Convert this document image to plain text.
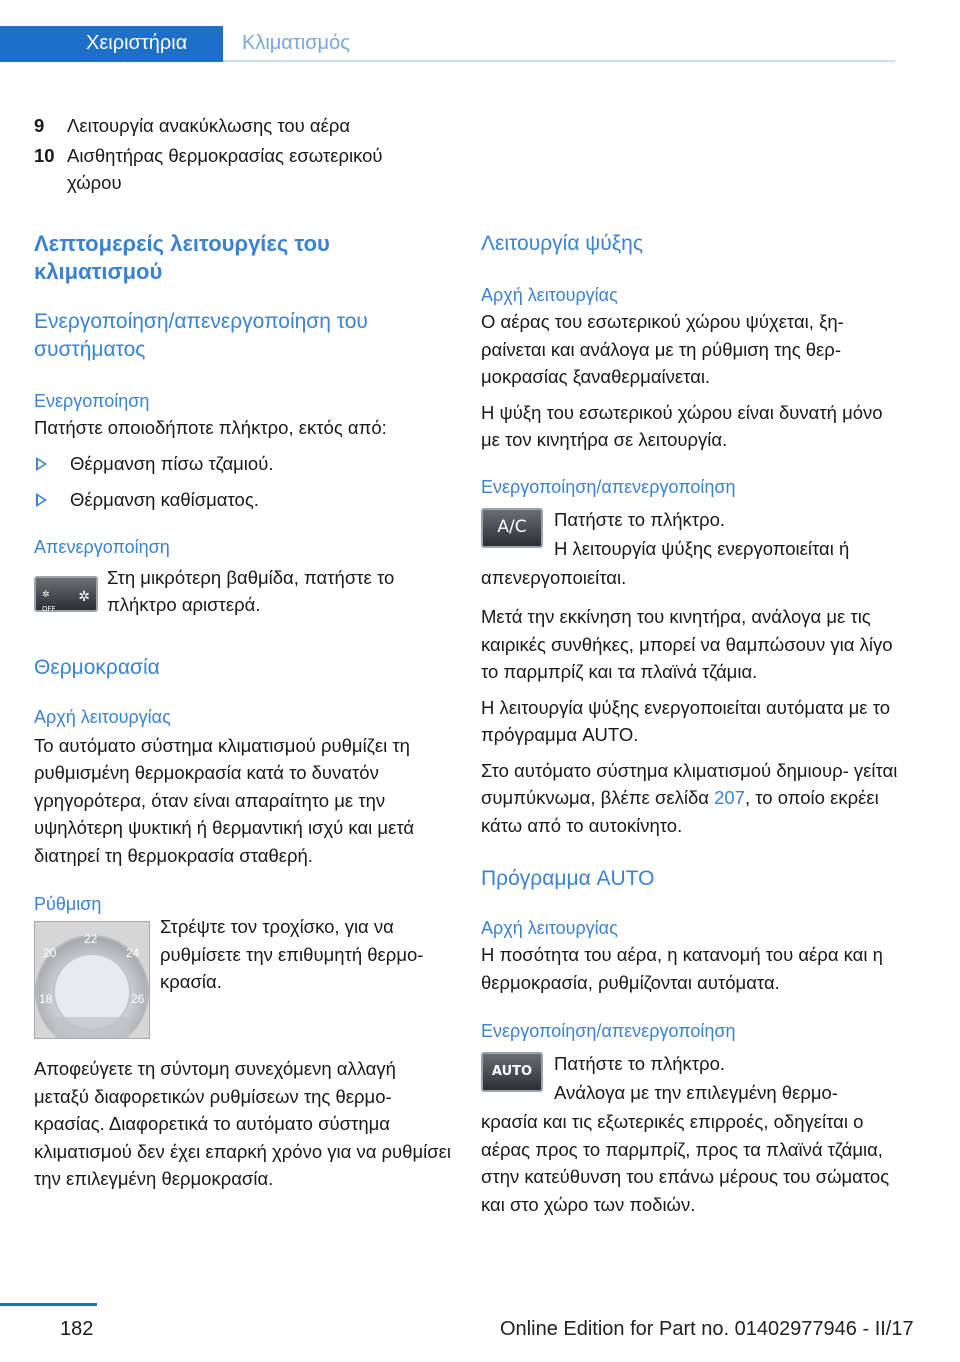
Χειριστήρια	Κλιματισμός
9 Λειτουργία ανακύκλωσης του αέρα
10 Αισθητήρας θερμοκρασίας εσωτερικού
χώρου
Λεπτομερείς λειτουργίες του
κλιματισμού
Ενεργοποίηση/απενεργοποίηση του
συστήματος
Ενεργοποίηση

Πατήστε οποιοδήποτε πλήκτρο, εκτός από:

Θέρμανση πίσω τζαμιού.
Θέρμανση καθίσματος.
Απενεργοποίηση
✲
OFF
✲
Στη μικρότερη βαθμίδα, πατήστε το
πλήκτρο αριστερά.
Θερμοκρασία
Αρχή λειτουργίας

Το αυτόματο σύστημα κλιματισμού ρυθμίζει τη ρυθμισμένη θερμοκρασία κατά το δυνατόν γρηγορότερα, όταν είναι απαραίτητο με την υψηλότερη ψυκτική ή θερμαντική ισχύ και μετά διατηρεί τη θερμοκρασία σταθερή.

Ρύθμιση
18
20
22
24
26
Στρέψτε τον τροχίσκο, για να
ρυθμίσετε την επιθυμητή θερμο-
κρασία.

Αποφεύγετε τη σύντομη συνεχόμενη αλλαγή μεταξύ διαφορετικών ρυθμίσεων της θερμο- κρασίας. Διαφορετικά το αυτόματο σύστημα κλιματισμού δεν έχει επαρκή χρόνο για να ρυθμίσει την επιλεγμένη θερμοκρασία.

Λειτουργία ψύξης
Αρχή λειτουργίας

Ο αέρας του εσωτερικού χώρου ψύχεται, ξη- ραίνεται και ανάλογα με τη ρύθμιση της θερ- μοκρασίας ξαναθερμαίνεται.

Η ψύξη του εσωτερικού χώρου είναι δυνατή μόνο με τον κινητήρα σε λειτουργία.

Ενεργοποίηση/απενεργοποίηση
A/C Πατήστε το πλήκτρο.
Η λειτουργία ψύξης ενεργοποιείται ή
απενεργοποιείται.

Μετά την εκκίνηση του κινητήρα, ανάλογα με τις καιρικές συνθήκες, μπορεί να θαμπώσουν για λίγο το παρμπρίζ και τα πλαϊνά τζάμια.

Η λειτουργία ψύξης ενεργοποιείται αυτόματα με το πρόγραμμα AUTO.

Στο αυτόματο σύστημα κλιματισμού δημιουρ- γείται συμπύκνωμα, βλέπε σελίδα 207, το οποίο εκρέει κάτω από το αυτοκίνητο.

Πρόγραμμα AUTO
Αρχή λειτουργίας

Η ποσότητα του αέρα, η κατανομή του αέρα και η θερμοκρασία, ρυθμίζονται αυτόματα.

Ενεργοποίηση/απενεργοποίηση
AUTO Πατήστε το πλήκτρο.
Ανάλογα με την επιλεγμένη θερμο-

κρασία και τις εξωτερικές επιρροές, οδηγείται ο αέρας προς το παρμπρίζ, προς τα πλαϊνά τζάμια, στην κατεύθυνση του επάνω μέρους του σώματος και στο χώρο των ποδιών.

182	Online Edition for Part no. 01402977946 - II/17
